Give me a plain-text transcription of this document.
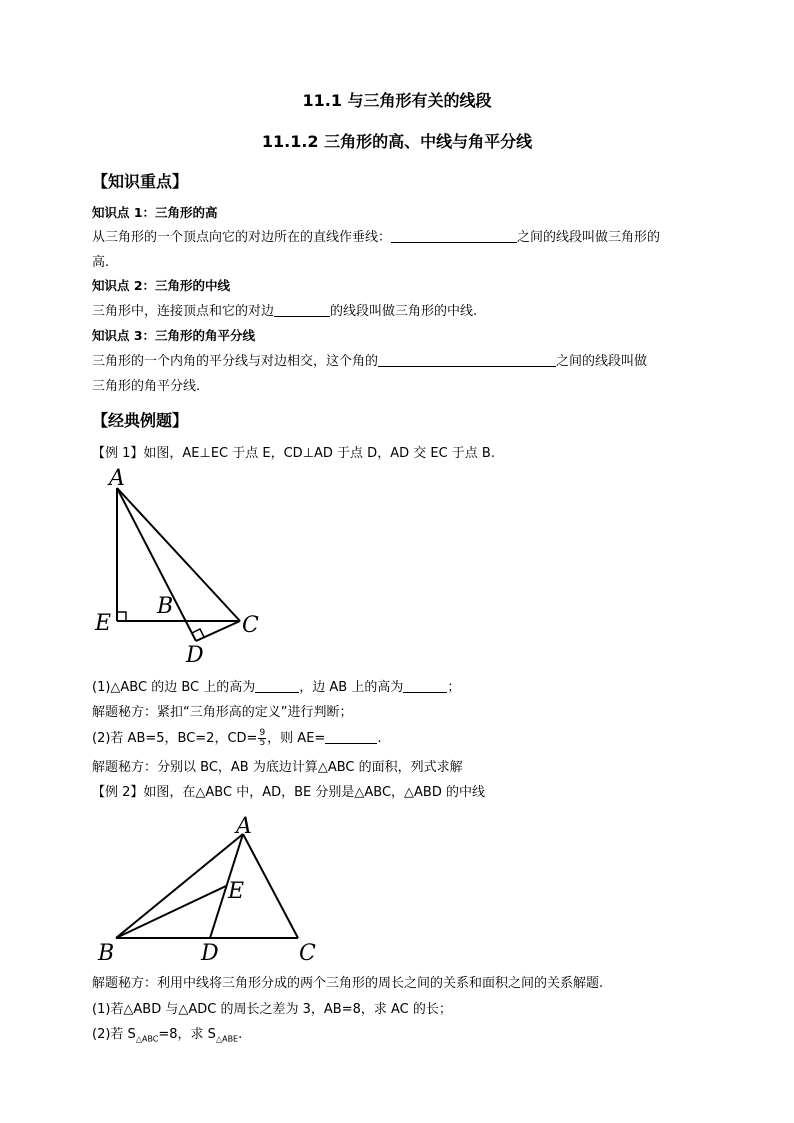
11.1 与三角形有关的线段
11.1.2 三角形的高、中线与角平分线
【知识重点】
知识点 1：三角形的高
从三角形的一个顶点向它的对边所在的直线作垂线：	之间的线段叫做三角形的
高.
知识点 2：三角形的中线
三角形中，连接顶点和它的对边	的线段叫做三角形的中线.
知识点 3：三角形的角平分线
三角形的一个内角的平分线与对边相交，这个角的	之间的线段叫做
三角形的角平分线.
【经典例题】
【例 1】如图，AE⊥EC 于点 E，CD⊥AD 于点 D，AD 交 EC 于点 B.
A
B
C
D
E
(1)△ABC 的边 BC 上的高为	，边 AB 上的高为	；
解题秘方：紧扣“三角形高的定义”进行判断；
(2)若 AB=5，BC=2，$CD= \frac{9}{5}$ ，则 AE=	.
解题秘方：分别以 BC，AB 为底边计算△ABC 的面积，列式求解
【例 2】如图，在△ABC 中，AD，BE 分别是△ABC，△ABD 的中线
A
B	C
D
E
解题秘方：利用中线将三角形分成的两个三角形的周长之间的关系和面积之间的关系解题.
(1)若△ABD 与△ADC 的周长之差为 3，AB=8，求 AC 的长；
(2)若 $S_{\triangle ABC}=8$，求 $S_{\triangle ABE}$.
